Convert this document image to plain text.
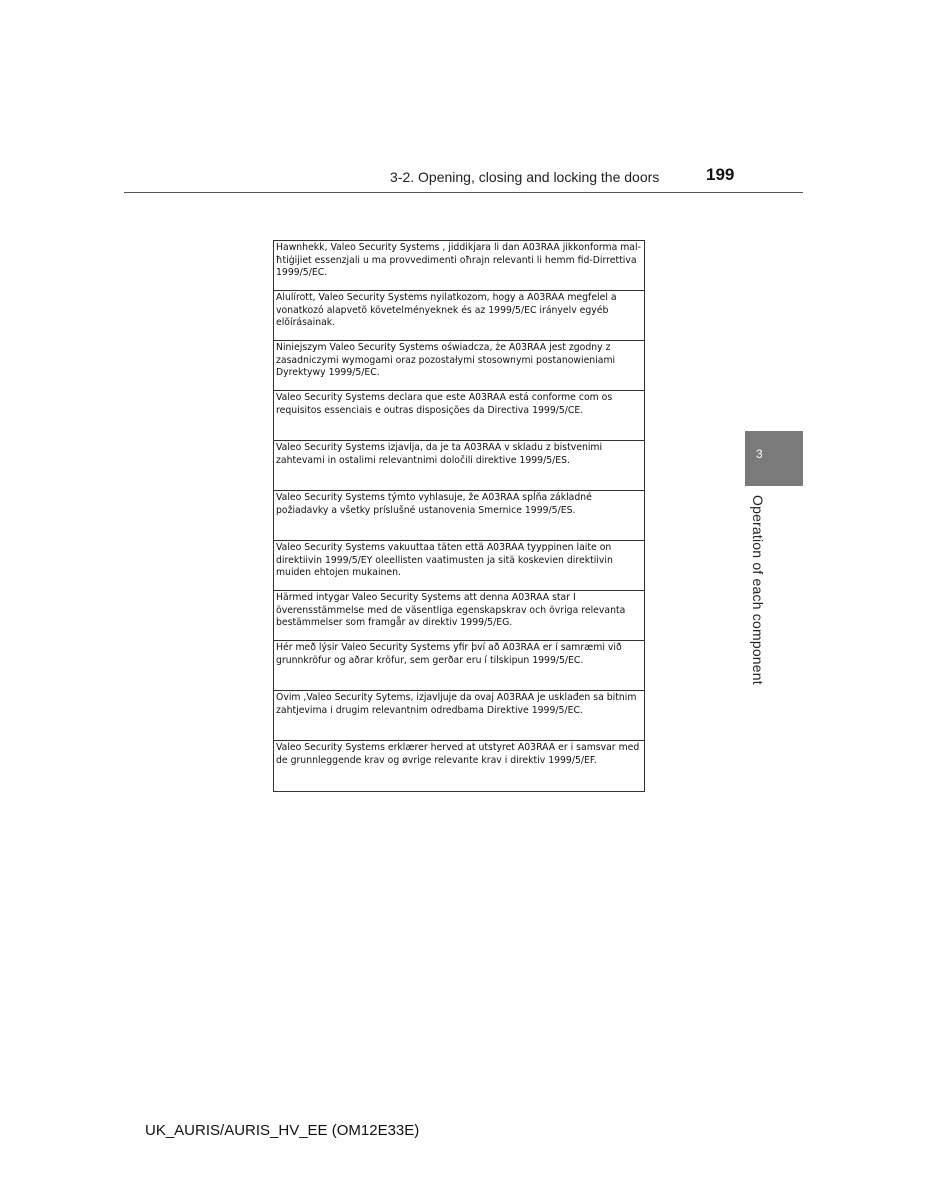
3-2. Opening, closing and locking the doors	199
3
Operation of each component
Hawnhekk, Valeo Security Systems , jiddikjara li dan A03RAA jikkonforma mal-ħtiġijiet essenzjali u ma provvedimenti oħrajn relevanti li hemm fid-Dirrettiva 1999/5/EC.
Alulírott, Valeo Security Systems nyilatkozom, hogy a A03RAA megfelel a vonatkozó alapvetõ követelményeknek és az 1999/5/EC irányelv egyéb elõírásainak.
Niniejszym Valeo Security Systems oświadcza, że A03RAA jest zgodny z zasadniczymi wymogami oraz pozostałymi stosownymi postanowieniami Dyrektywy 1999/5/EC.
Valeo Security Systems declara que este A03RAA está conforme com os requisitos essenciais e outras disposições da Directiva 1999/5/CE.
Valeo Security Systems izjavlja, da je ta A03RAA v skladu z bistvenimi zahtevami in ostalimi relevantnimi določili direktive 1999/5/ES.
Valeo Security Systems týmto vyhlasuje, že A03RAA spĺňa základné požiadavky a všetky príslušné ustanovenia Smernice 1999/5/ES.
Valeo Security Systems vakuuttaa täten että A03RAA tyyppinen laite on direktiivin 1999/5/EY oleellisten vaatimusten ja sitä koskevien direktiivin muiden ehtojen mukainen.
Härmed intygar Valeo Security Systems att denna A03RAA star I överensstämmelse med de väsentliga egenskapskrav och övriga relevanta bestämmelser som framgår av direktiv 1999/5/EG.
Hér með lýsir Valeo Security Systems yfir því að A03RAA er í samræmi við grunnkröfur og aðrar kröfur, sem gerðar eru í tilskipun 1999/5/EC.
Ovim ,Valeo Security Sytems, izjavljuje da ovaj A03RAA je usklađen sa bitnim zahtjevima i drugim relevantnim odredbama Direktive 1999/5/EC.
Valeo Security Systems erklærer herved at utstyret A03RAA er i samsvar med de grunnleggende krav og øvrige relevante krav i direktiv 1999/5/EF.
UK_AURIS/AURIS_HV_EE (OM12E33E)
